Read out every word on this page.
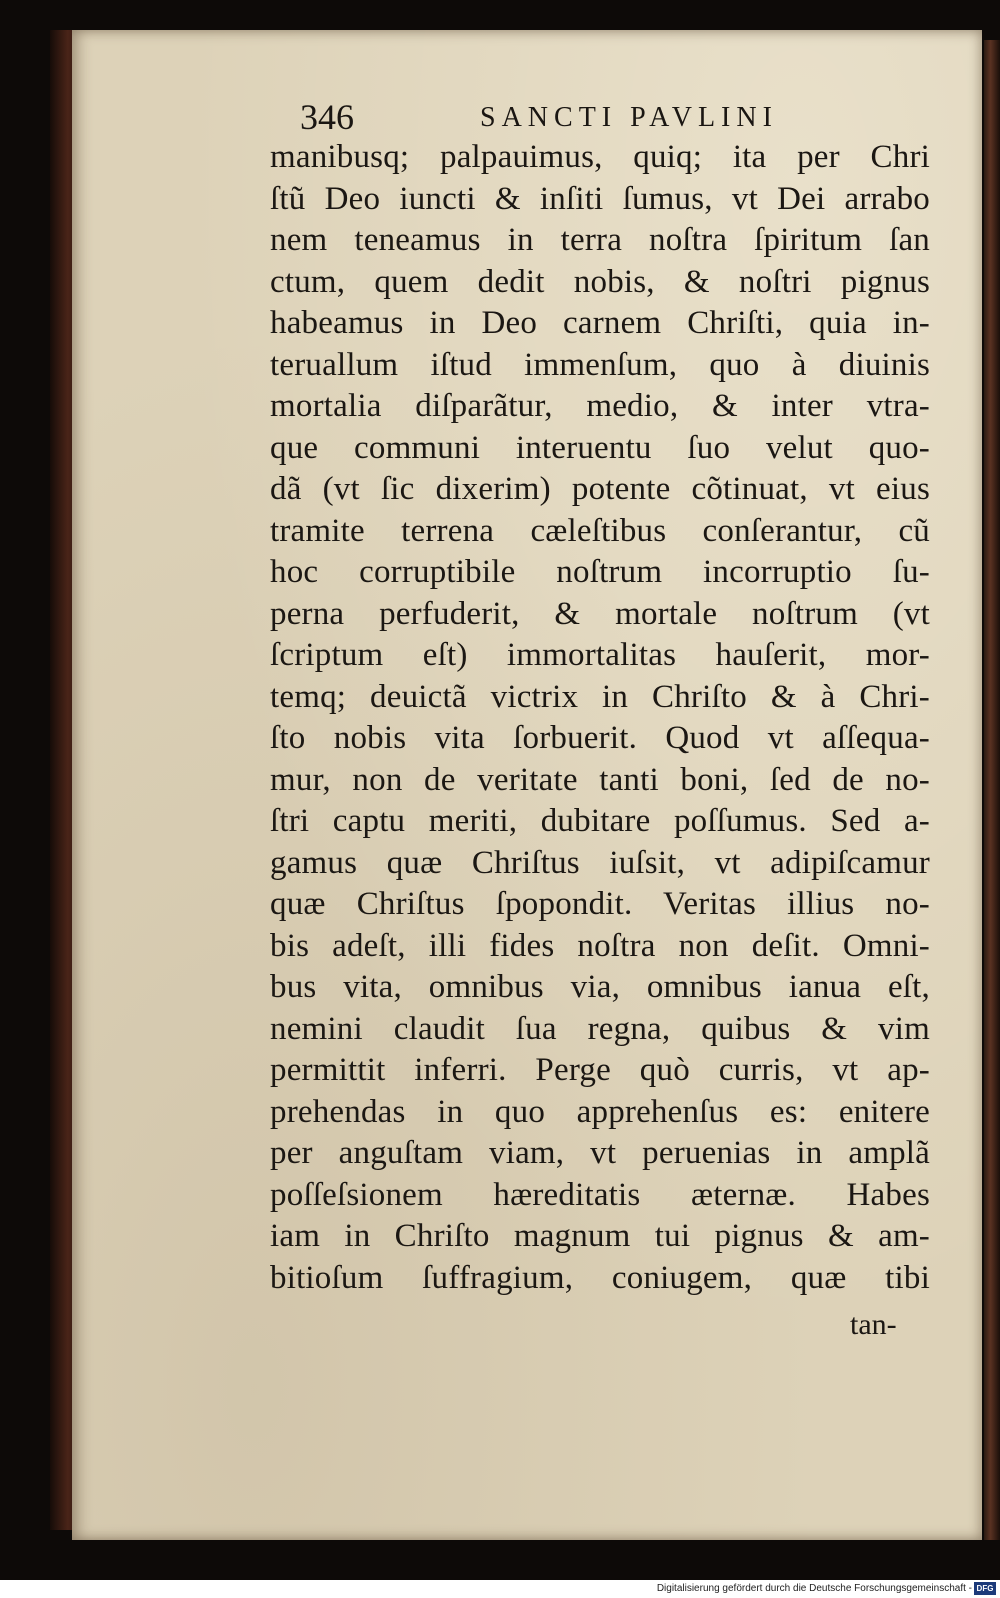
346	SANCTI PAVLINI
manibusq; palpauimus, quiq; ita per Chri
ſtũ Deo iuncti & inſiti ſumus, vt Dei arrabo
nem teneamus in terra noſtra ſpiritum ſan
ctum, quem dedit nobis, & noſtri pignus
habeamus in Deo carnem Chriſti, quia in-
teruallum iſtud immenſum, quo à diuinis
mortalia diſparãtur, medio, & inter vtra-
que communi interuentu ſuo velut quo-
dã (vt ſic dixerim) potente cõtinuat, vt eius
tramite terrena cæleſtibus conſerantur, cũ
hoc corruptibile noſtrum incorruptio ſu-
perna perfuderit, & mortale noſtrum (vt
ſcriptum eſt) immortalitas hauſerit, mor-
temq; deuictã victrix in Chriſto & à Chri-
ſto nobis vita ſorbuerit. Quod vt aſſequa-
mur, non de veritate tanti boni, ſed de no-
ſtri captu meriti, dubitare poſſumus. Sed a-
gamus quæ Chriſtus iuſsit, vt adipiſcamur
quæ Chriſtus ſpopondit. Veritas illius no-
bis adeſt, illi fides noſtra non deſit. Omni-
bus vita, omnibus via, omnibus ianua eſt,
nemini claudit ſua regna, quibus & vim
permittit inferri. Perge quò curris, vt ap-
prehendas in quo apprehenſus es: enitere
per anguſtam viam, vt peruenias in amplã
poſſeſsionem hæreditatis æternæ. Habes
iam in Chriſto magnum tui pignus & am-
bitioſum ſuffragium, coniugem, quæ tibi
tan-
Digitalisierung gefördert durch die Deutsche Forschungsgemeinschaft - DFG
